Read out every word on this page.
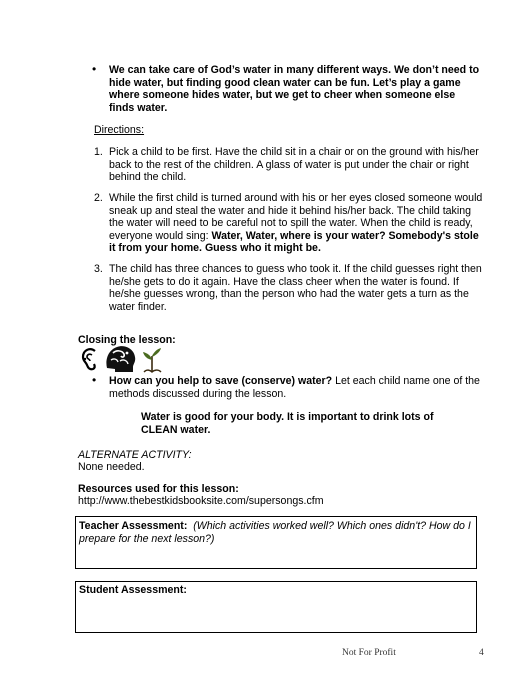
• We can take care of God’s water in many different ways. We don’t need to hide water, but finding good clean water can be fun. Let’s play a game where someone hides water, but we get to cheer when someone else finds water.
Directions:
1. Pick a child to be first. Have the child sit in a chair or on the ground with his/her back to the rest of the children. A glass of water is put under the chair or right behind the child.
2. While the first child is turned around with his or her eyes closed someone would sneak up and steal the water and hide it behind his/her back. The child taking the water will need to be careful not to spill the water. When the child is ready, everyone would sing: Water, Water, where is your water? Somebody's stole it from your home. Guess who it might be.
3. The child has three chances to guess who took it. If the child guesses right then he/she gets to do it again. Have the class cheer when the water is found. If he/she guesses wrong, than the person who had the water gets a turn as the water finder.
Closing the lesson:
• How can you help to save (conserve) water? Let each child name one of the methods discussed during the lesson.
Water is good for your body. It is important to drink lots of CLEAN water.
ALTERNATE ACTIVITY:
None needed.
Resources used for this lesson:
http://www.thebestkidsbooksite.com/supersongs.cfm
Teacher Assessment: (Which activities worked well? Which ones didn't? How do I prepare for the next lesson?)
Student Assessment:
Not For Profit	4
